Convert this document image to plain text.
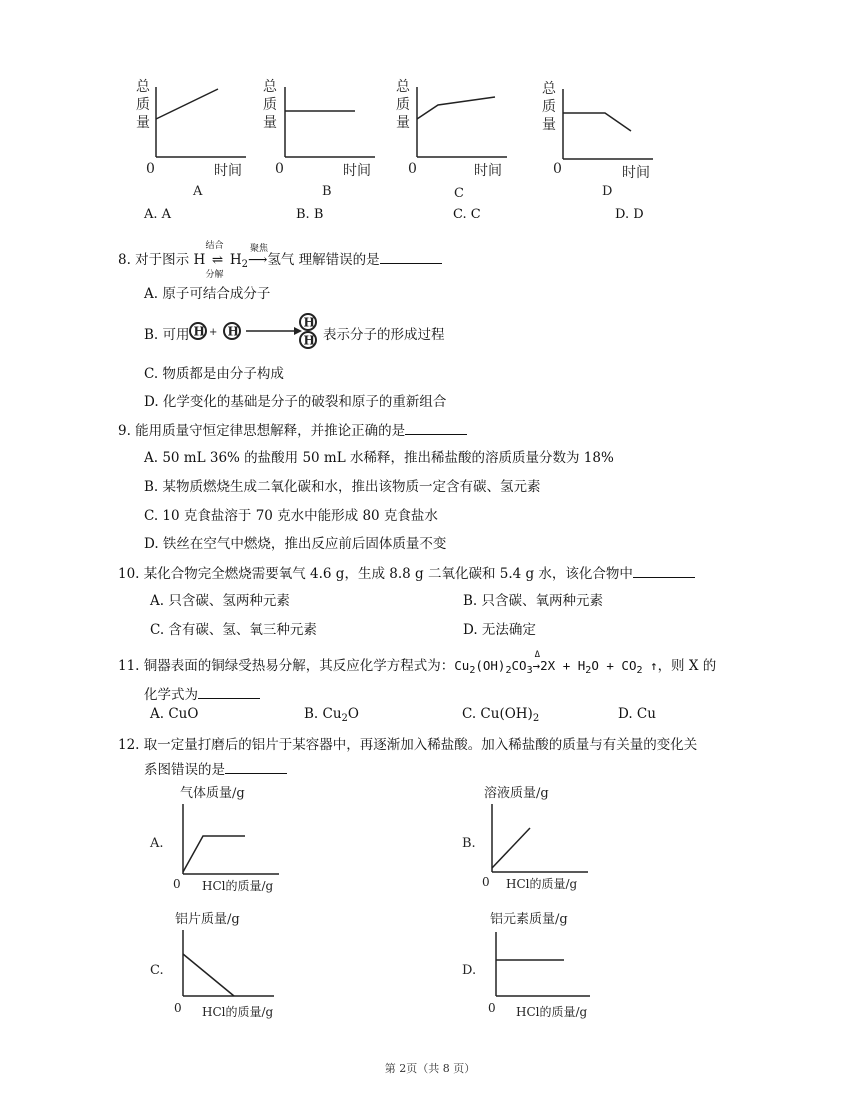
总
质
量
0	时间
A
总
质
量
0	时间
B
总
质
量
0	时间
C
总
质
量
0	时间
D
A. A	B. B	C. C	D. D
8. 对于图示 H
结合
⇌
分解
$H_2$
聚焦
⟶氢气 理解错误的是
A. 原子可结合成分子
B. 可用 H + H
H
H 表示分子的形成过程
C. 物质都是由分子构成
D. 化学变化的基础是分子的破裂和原子的重新组合
9. 能用质量守恒定律思想解释，并推论正确的是
A. 50 mL 36% 的盐酸用 50 mL 水稀释，推出稀盐酸的溶质质量分数为 18%
B. 某物质燃烧生成二氧化碳和水，推出该物质一定含有碳、氢元素
C. 10 克食盐溶于 70 克水中能形成 80 克食盐水
D. 铁丝在空气中燃烧，推出反应前后固体质量不变
10. 某化合物完全燃烧需要氧气 4.6 g，生成 8.8 g 二氧化碳和 5.4 g 水，该化合物中
A. 只含碳、氢两种元素	B. 只含碳、氧两种元素
C. 含有碳、氢、氧三种元素	D. 无法确定
11. 铜器表面的铜绿受热易分解，其反应化学方程式为：$Cu_2(OH)_2CO_3$
Δ
$\to 2X + H_2O + CO_2$ ↑，则 X 的
化学式为
A. CuO	B. $Cu_2O$	C. $Cu(OH)_2$	D. Cu
12. 取一定量打磨后的铝片于某容器中，再逐渐加入稀盐酸。加入稀盐酸的质量与有关量的变化关
系图错误的是
A.
气体质量/g
0 HCl的质量/g
B.
溶液质量/g
0 HCl的质量/g
C.
铝片质量/g
0 HCl的质量/g
D.
铝元素质量/g
0 HCl的质量/g
第 2页（共 8 页）
